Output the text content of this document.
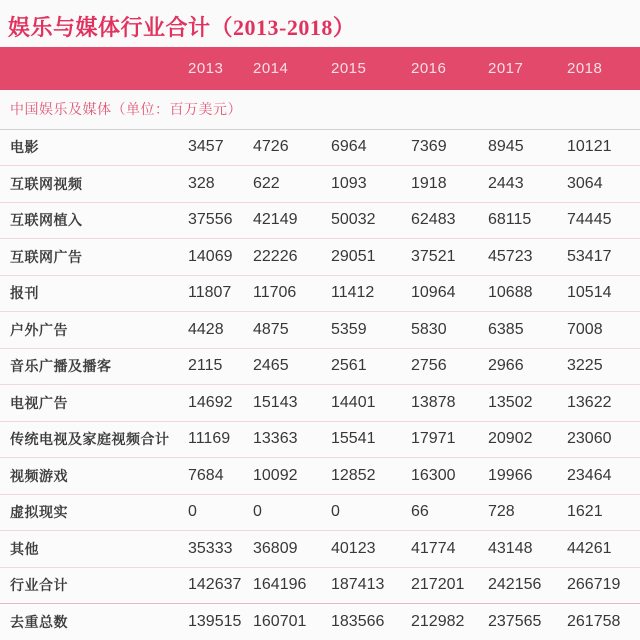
娱乐与媒体行业合计（2013-2018）
	2013	2014	2015	2016	2017	2018
中国娱乐及媒体（单位：百万美元）						
电影	3457	4726	6964	7369	8945	10121
互联网视频	328	622	1093	1918	2443	3064
互联网植入	37556	42149	50032	62483	68115	74445
互联网广告	14069	22226	29051	37521	45723	53417
报刊	11807	11706	11412	10964	10688	10514
户外广告	4428	4875	5359	5830	6385	7008
音乐广播及播客	2115	2465	2561	2756	2966	3225
电视广告	14692	15143	14401	13878	13502	13622
传统电视及家庭视频合计	11169	13363	15541	17971	20902	23060
视频游戏	7684	10092	12852	16300	19966	23464
虚拟现实	0	0	0	66	728	1621
其他	35333	36809	40123	41774	43148	44261
行业合计	142637	164196	187413	217201	242156	266719
去重总数	139515	160701	183566	212982	237565	261758
